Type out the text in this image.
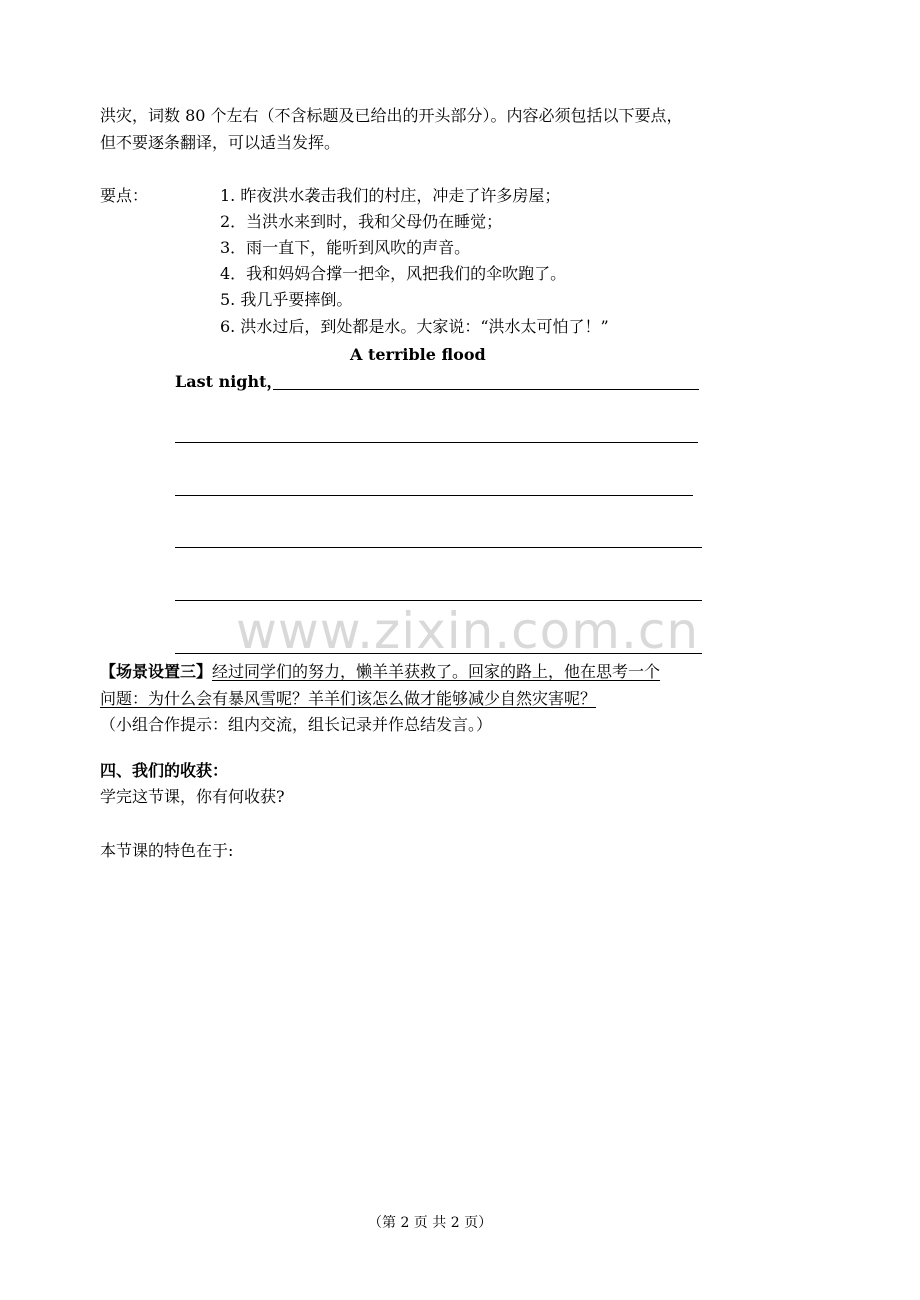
洪灾，词数 80 个左右（不含标题及已给出的开头部分）。内容必须包括以下要点，
但不要逐条翻译，可以适当发挥。
要点：	1. 昨夜洪水袭击我们的村庄，冲走了许多房屋；
2．当洪水来到时，我和父母仍在睡觉；
3．雨一直下，能听到风吹的声音。
4．我和妈妈合撑一把伞，风把我们的伞吹跑了。
5. 我几乎要摔倒。
6. 洪水过后，到处都是水。大家说：“洪水太可怕了！”
A terrible flood
Last night，
www.zixin.com.cn
【场景设置三】经过同学们的努力，懒羊羊获救了。回家的路上，他在思考一个
问题：为什么会有暴风雪呢？羊羊们该怎么做才能够减少自然灾害呢？
（小组合作提示：组内交流，组长记录并作总结发言。）
四、我们的收获：
学完这节课，你有何收获?
本节课的特色在于:
（第 2 页 共 2 页）
